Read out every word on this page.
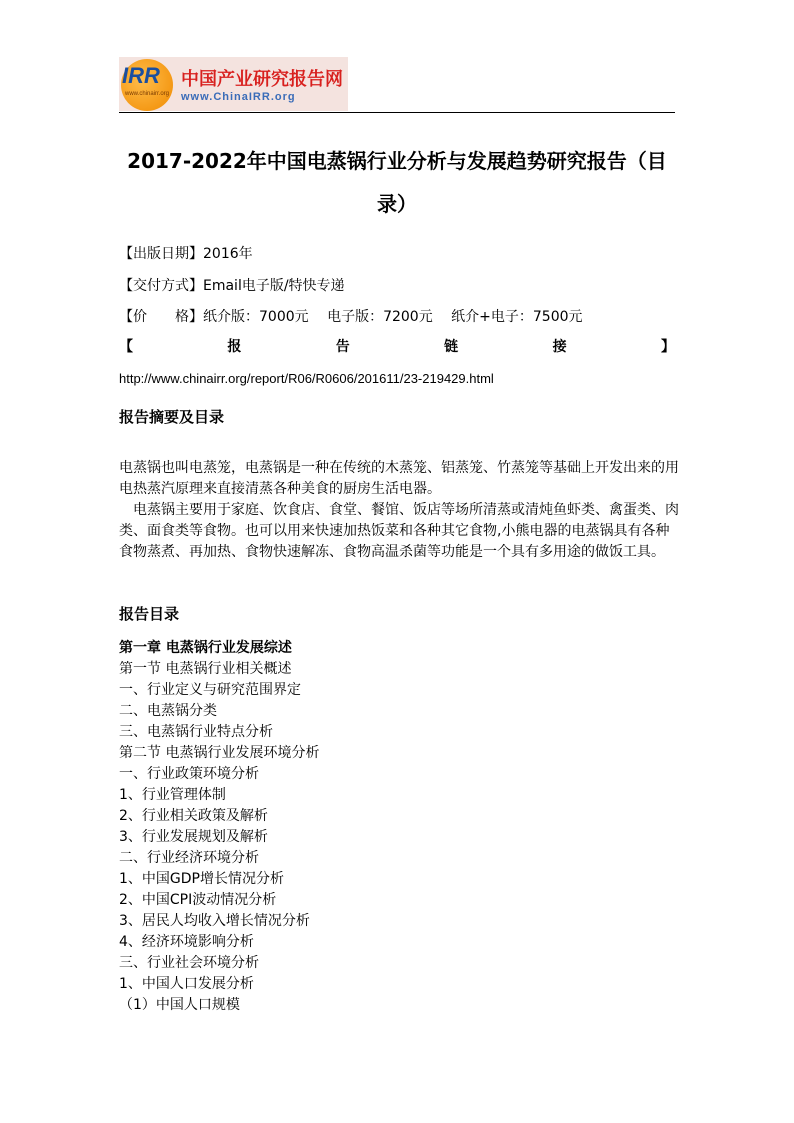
IRR
www.chinairr.org
中国产业研究报告网
www.ChinaIRR.org
2017-2022年中国电蒸锅行业分析与发展趋势研究报告（目录）
【出版日期】2016年
【交付方式】Email电子版/特快专递
【价　　格】纸介版：7000元　 电子版：7200元　 纸介+电子：7500元
【	报	告	链	接	】
http://www.chinairr.org/report/R06/R0606/201611/23-219429.html
报告摘要及目录

电蒸锅也叫电蒸笼，电蒸锅是一种在传统的木蒸笼、铝蒸笼、竹蒸笼等基础上开发出来的用电热蒸汽原理来直接清蒸各种美食的厨房生活电器。

　电蒸锅主要用于家庭、饮食店、食堂、餐馆、饭店等场所清蒸或清炖鱼虾类、禽蛋类、肉类、面食类等食物。也可以用来快速加热饭菜和各种其它食物,小熊电器的电蒸锅具有各种食物蒸煮、再加热、食物快速解冻、食物高温杀菌等功能是一个具有多用途的做饭工具。

报告目录
第一章 电蒸锅行业发展综述
第一节 电蒸锅行业相关概述
一、行业定义与研究范围界定
二、电蒸锅分类
三、电蒸锅行业特点分析
第二节 电蒸锅行业发展环境分析
一、行业政策环境分析
1、行业管理体制
2、行业相关政策及解析
3、行业发展规划及解析
二、行业经济环境分析
1、中国GDP增长情况分析
2、中国CPI波动情况分析
3、居民人均收入增长情况分析
4、经济环境影响分析
三、行业社会环境分析
1、中国人口发展分析
（1）中国人口规模
